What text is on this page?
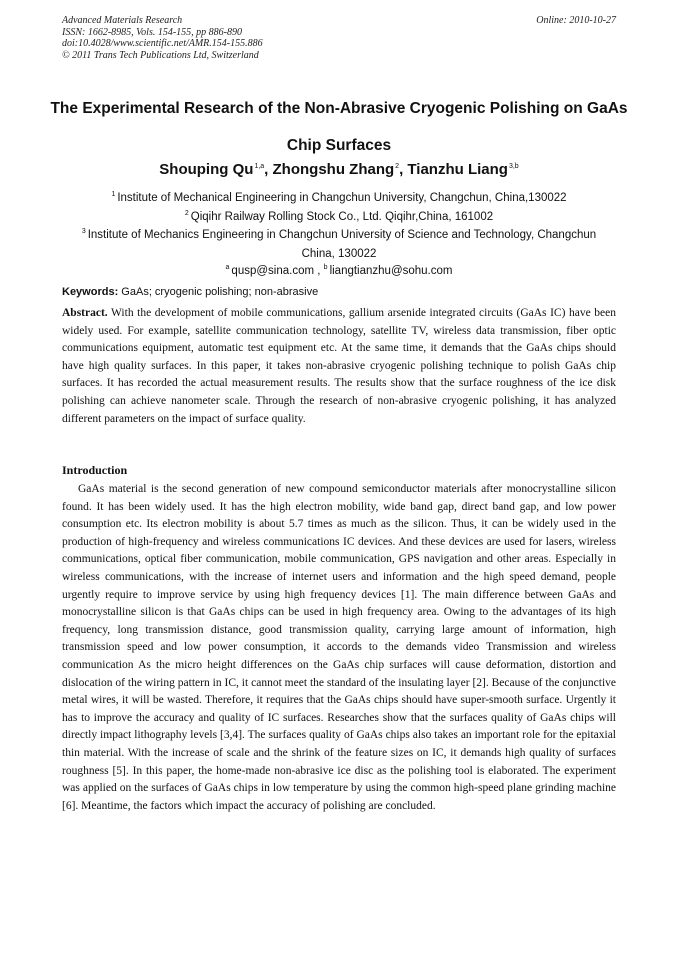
Advanced Materials Research
ISSN: 1662-8985, Vols. 154-155, pp 886-890
doi:10.4028/www.scientific.net/AMR.154-155.886
© 2011 Trans Tech Publications Ltd, Switzerland
Online: 2010-10-27
The Experimental Research of the Non-Abrasive Cryogenic Polishing on GaAs Chip Surfaces
Shouping Qu$^{1,a}$, Zhongshu Zhang$^2$, Tianzhu Liang$^{3,b}$
$^1$ Institute of Mechanical Engineering in Changchun University, Changchun, China,130022
$^2$ Qiqihr Railway Rolling Stock Co., Ltd. Qiqihr,China, 161002
$^3$ Institute of Mechanics Engineering in Changchun University of Science and Technology, Changchun China, 130022
$^a$ qusp@sina.com , $^b$ liangtianzhu@sohu.com
Keywords: GaAs; cryogenic polishing; non-abrasive
Abstract. With the development of mobile communications, gallium arsenide integrated circuits (GaAs IC) have been widely used. For example, satellite communication technology, satellite TV, wireless data transmission, fiber optic communications equipment, automatic test equipment etc. At the same time, it demands that the GaAs chips should have high quality surfaces. In this paper, it takes non-abrasive cryogenic polishing technique to polish GaAs chip surfaces. It has recorded the actual measurement results. The results show that the surface roughness of the ice disk polishing can achieve nanometer scale. Through the research of non-abrasive cryogenic polishing, it has analyzed different parameters on the impact of surface quality.
Introduction
GaAs material is the second generation of new compound semiconductor materials after monocrystalline silicon found. It has been widely used. It has the high electron mobility, wide band gap, direct band gap, and low power consumption etc. Its electron mobility is about 5.7 times as much as the silicon. Thus, it can be widely used in the production of high-frequency and wireless communications IC devices. And these devices are used for lasers, wireless communications, optical fiber communication, mobile communication, GPS navigation and other areas. Especially in wireless communications, with the increase of internet users and information and the high speed demand, people urgently require to improve service by using high frequency devices [1]. The main difference between GaAs and monocrystalline silicon is that GaAs chips can be used in high frequency area. Owing to the advantages of its high frequency, long transmission distance, good transmission quality, carrying large amount of information, high transmission speed and low power consumption, it accords to the demands video Transmission and wireless communication As the micro height differences on the GaAs chip surfaces will cause deformation, distortion and dislocation of the wiring pattern in IC, it cannot meet the standard of the insulating layer [2]. Because of the conjunctive metal wires, it will be wasted. Therefore, it requires that the GaAs chips should have super-smooth surface. Urgently it has to improve the accuracy and quality of IC surfaces. Researches show that the surfaces quality of GaAs chips will directly impact lithography levels [3,4]. The surfaces quality of GaAs chips also takes an important role for the epitaxial thin material. With the increase of scale and the shrink of the feature sizes on IC, it demands high quality of surfaces roughness [5]. In this paper, the home-made non-abrasive ice disc as the polishing tool is elaborated. The experiment was applied on the surfaces of GaAs chips in low temperature by using the common high-speed plane grinding machine [6]. Meantime, the factors which impact the accuracy of polishing are concluded.
